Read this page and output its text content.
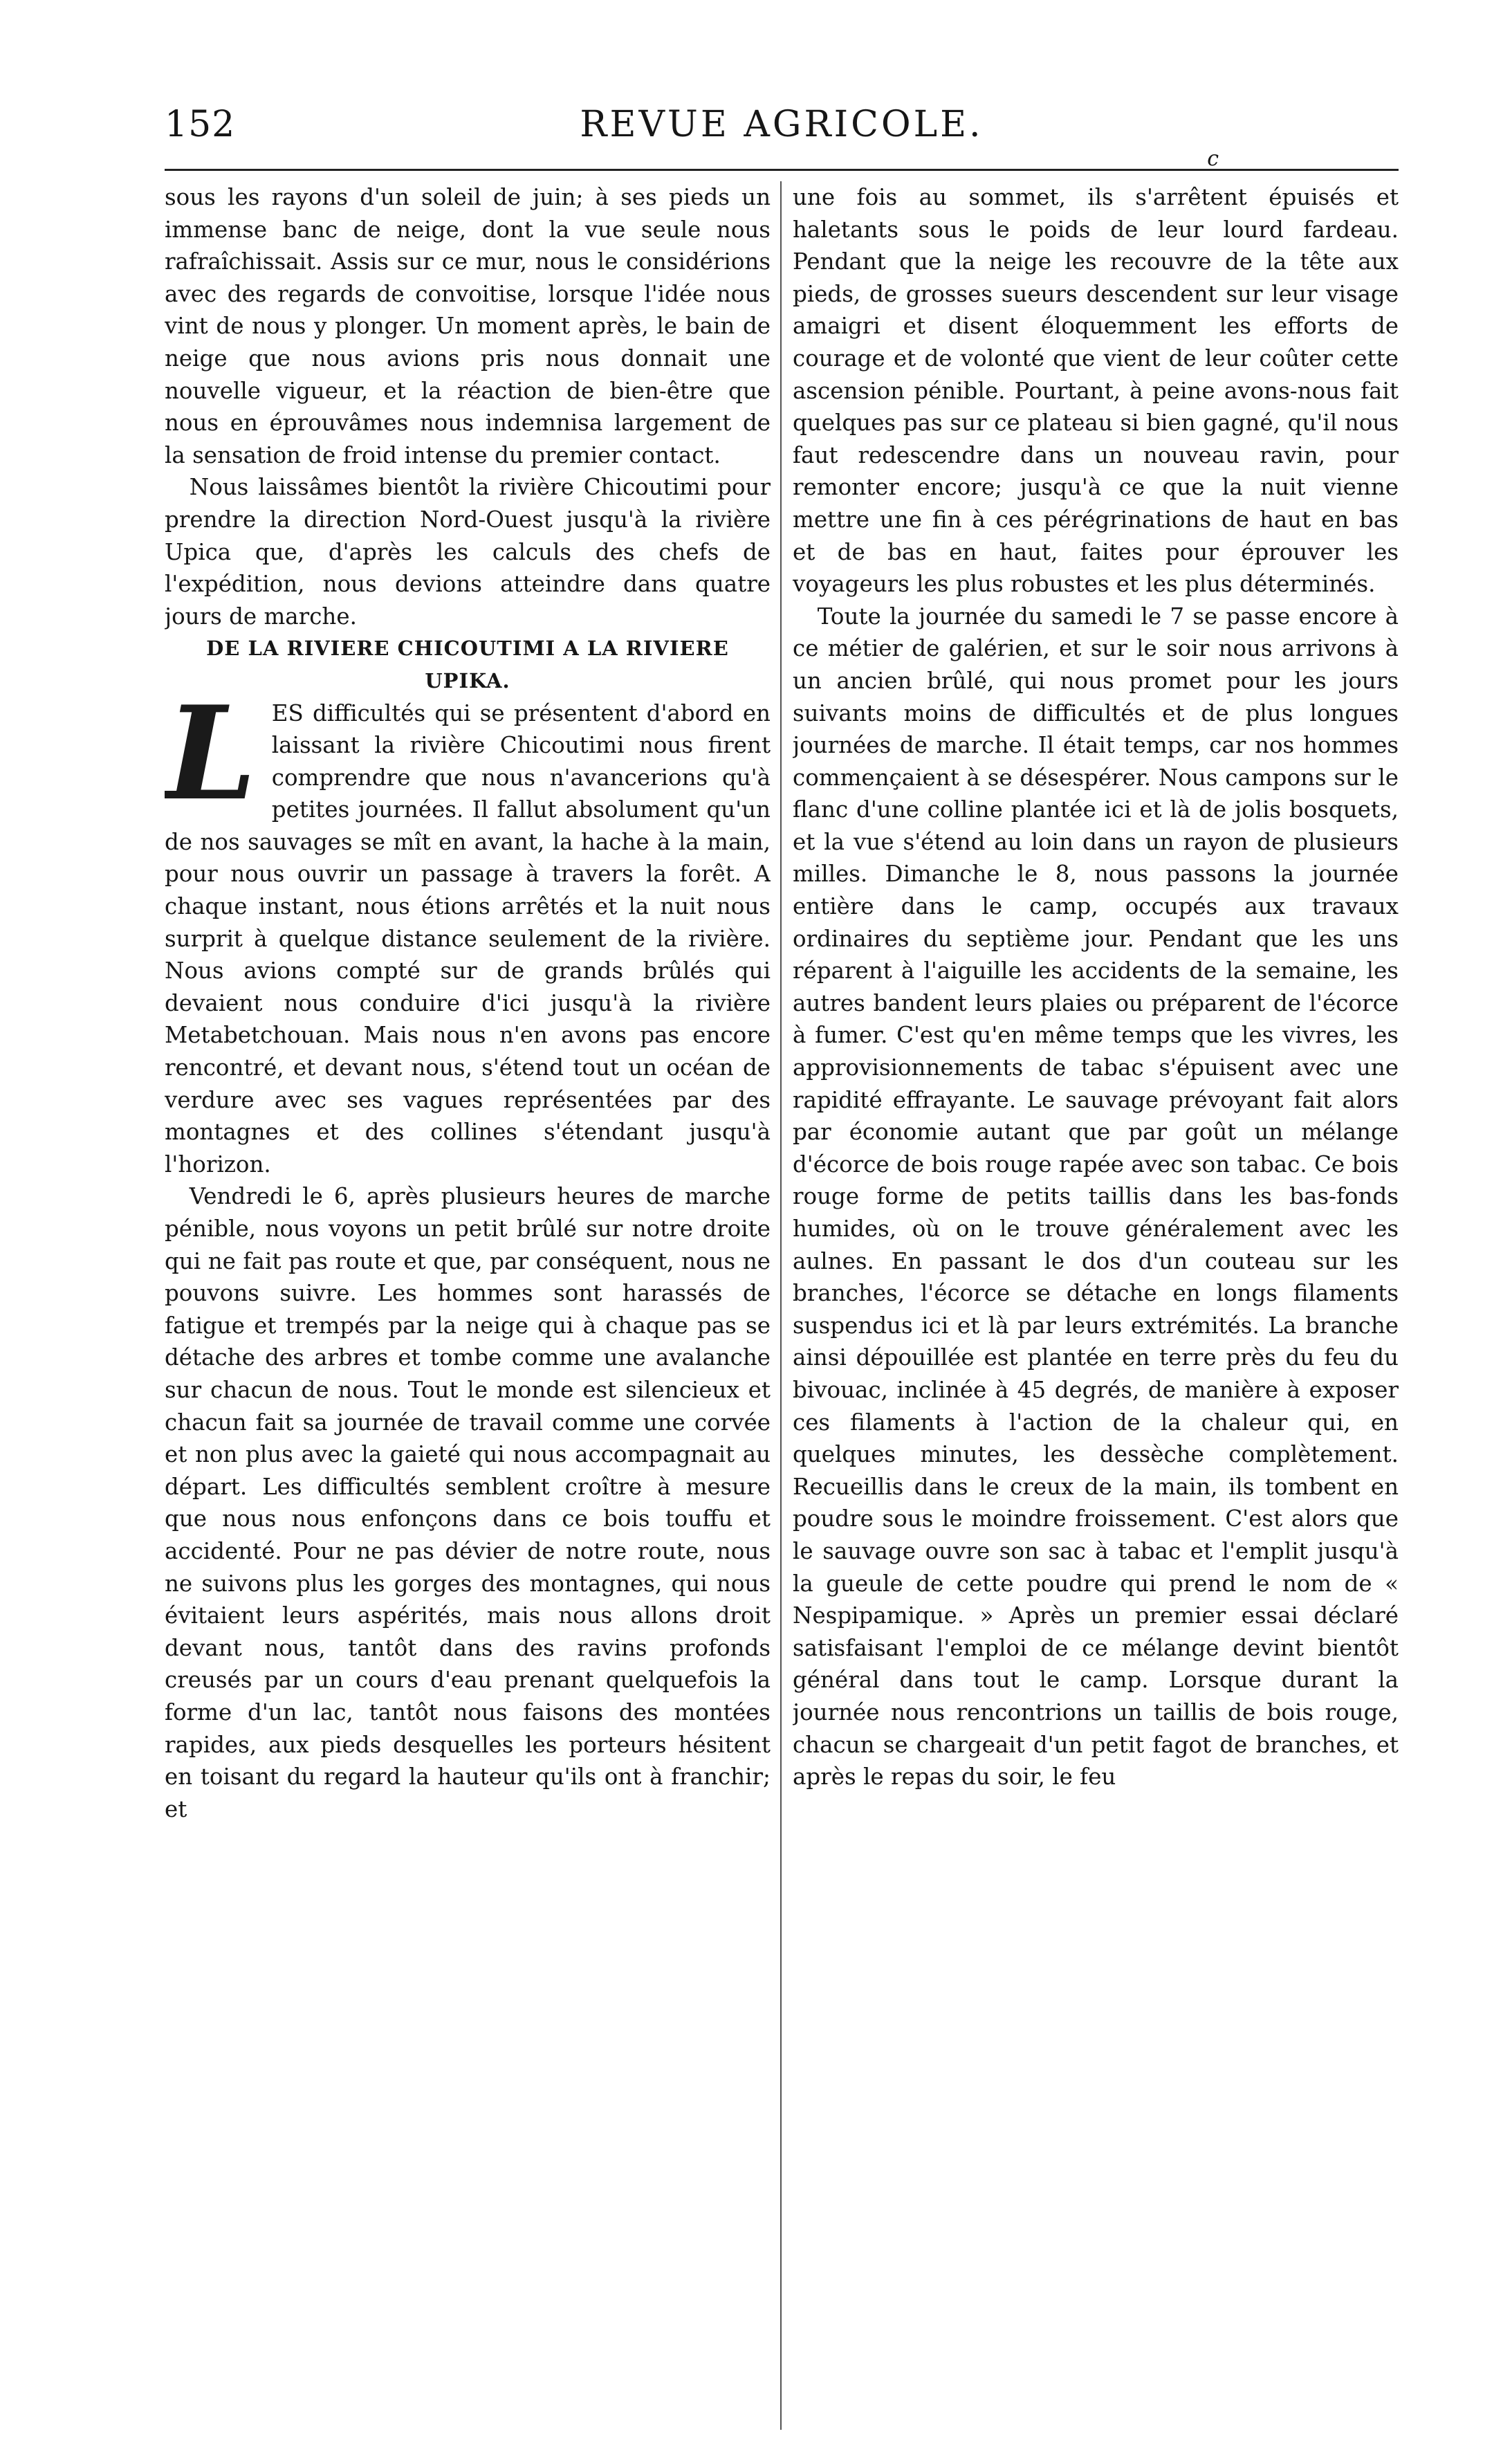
152	REVUE AGRICOLE.
c

sous les rayons d'un soleil de juin; à ses pieds un immense banc de neige, dont la vue seule nous rafraîchissait. Assis sur ce mur, nous le considérions avec des regards de convoitise, lorsque l'idée nous vint de nous y plonger. Un moment après, le bain de neige que nous avions pris nous donnait une nouvelle vigueur, et la réaction de bien-être que nous en éprouvâmes nous indemnisa largement de la sensation de froid intense du premier contact.

Nous laissâmes bientôt la rivière Chicoutimi pour prendre la direction Nord-Ouest jusqu'à la rivière Upica que, d'après les calculs des chefs de l'expédition, nous devions atteindre dans quatre jours de marche.

DE LA RIVIERE CHICOUTIMI A LA RIVIERE UPIKA.

L ES difficultés qui se présentent d'abord en laissant la rivière Chicoutimi nous firent comprendre que nous n'avancerions qu'à petites journées. Il fallut absolument qu'un de nos sauvages se mît en avant, la hache à la main, pour nous ouvrir un passage à travers la forêt. A chaque instant, nous étions arrêtés et la nuit nous surprit à quelque distance seulement de la rivière. Nous avions compté sur de grands brûlés qui devaient nous conduire d'ici jusqu'à la rivière Metabetchouan. Mais nous n'en avons pas encore rencontré, et devant nous, s'étend tout un océan de verdure avec ses vagues représentées par des montagnes et des collines s'étendant jusqu'à l'horizon.

Vendredi le 6, après plusieurs heures de marche pénible, nous voyons un petit brûlé sur notre droite qui ne fait pas route et que, par conséquent, nous ne pouvons suivre. Les hommes sont harassés de fatigue et trempés par la neige qui à chaque pas se détache des arbres et tombe comme une avalanche sur chacun de nous. Tout le monde est silencieux et chacun fait sa journée de travail comme une corvée et non plus avec la gaieté qui nous accompagnait au départ. Les difficultés semblent croître à mesure que nous nous enfonçons dans ce bois touffu et accidenté. Pour ne pas dévier de notre route, nous ne suivons plus les gorges des montagnes, qui nous évitaient leurs aspérités, mais nous allons droit devant nous, tantôt dans des ravins profonds creusés par un cours d'eau prenant quelquefois la forme d'un lac, tantôt nous faisons des montées rapides, aux pieds desquelles les porteurs hésitent en toisant du regard la hauteur qu'ils ont à franchir; et

une fois au sommet, ils s'arrêtent épuisés et haletants sous le poids de leur lourd fardeau. Pendant que la neige les recouvre de la tête aux pieds, de grosses sueurs descendent sur leur visage amaigri et disent éloquemment les efforts de courage et de volonté que vient de leur coûter cette ascension pénible. Pourtant, à peine avons-nous fait quelques pas sur ce plateau si bien gagné, qu'il nous faut redescendre dans un nouveau ravin, pour remonter encore; jusqu'à ce que la nuit vienne mettre une fin à ces pérégrinations de haut en bas et de bas en haut, faites pour éprouver les voyageurs les plus robustes et les plus déterminés.

Toute la journée du samedi le 7 se passe encore à ce métier de galérien, et sur le soir nous arrivons à un ancien brûlé, qui nous promet pour les jours suivants moins de difficultés et de plus longues journées de marche. Il était temps, car nos hommes commençaient à se désespérer. Nous campons sur le flanc d'une colline plantée ici et là de jolis bosquets, et la vue s'étend au loin dans un rayon de plusieurs milles. Dimanche le 8, nous passons la journée entière dans le camp, occupés aux travaux ordinaires du septième jour. Pendant que les uns réparent à l'aiguille les accidents de la semaine, les autres bandent leurs plaies ou préparent de l'écorce à fumer. C'est qu'en même temps que les vivres, les approvisionnements de tabac s'épuisent avec une rapidité effrayante. Le sauvage prévoyant fait alors par économie autant que par goût un mélange d'écorce de bois rouge rapée avec son tabac. Ce bois rouge forme de petits taillis dans les bas-fonds humides, où on le trouve généralement avec les aulnes. En passant le dos d'un couteau sur les branches, l'écorce se détache en longs filaments suspendus ici et là par leurs extrémités. La branche ainsi dépouillée est plantée en terre près du feu du bivouac, inclinée à 45 degrés, de manière à exposer ces filaments à l'action de la chaleur qui, en quelques minutes, les dessèche complètement. Recueillis dans le creux de la main, ils tombent en poudre sous le moindre froissement. C'est alors que le sauvage ouvre son sac à tabac et l'emplit jusqu'à la gueule de cette poudre qui prend le nom de « Nespipamique. » Après un premier essai déclaré satisfaisant l'emploi de ce mélange devint bientôt général dans tout le camp. Lorsque durant la journée nous rencontrions un taillis de bois rouge, chacun se chargeait d'un petit fagot de branches, et après le repas du soir, le feu
